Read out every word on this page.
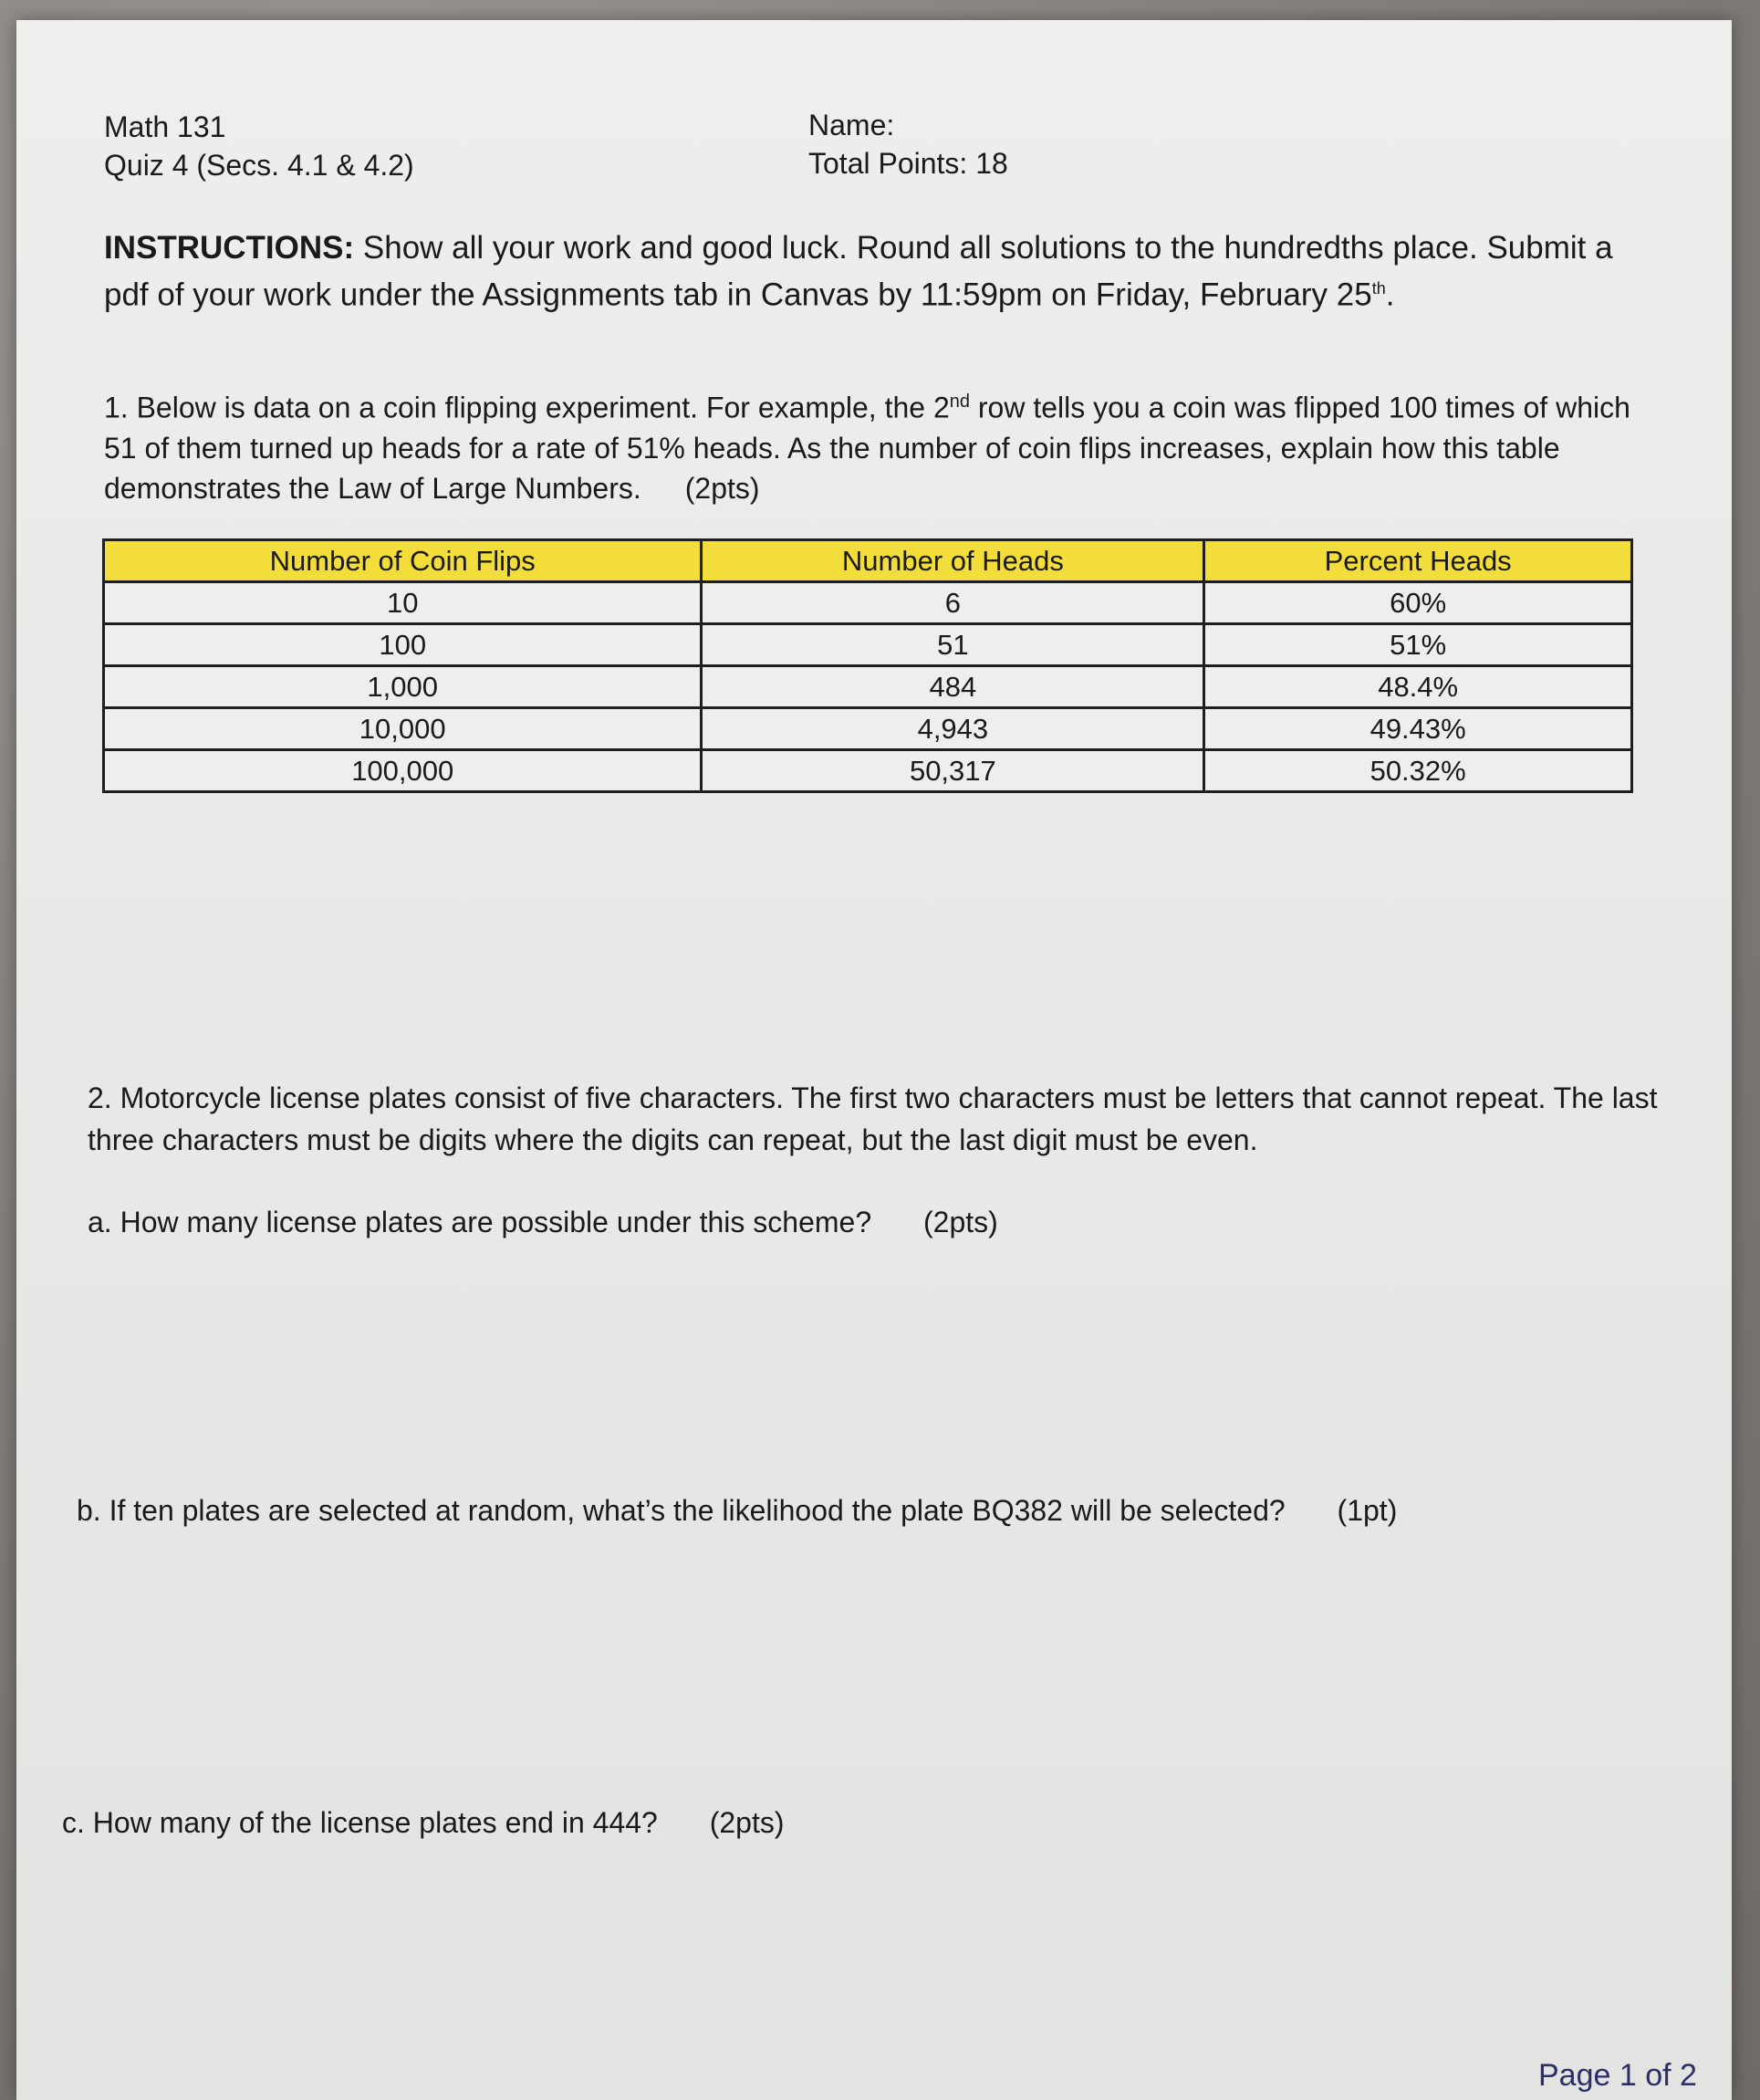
Math 131
Quiz 4 (Secs. 4.1 & 4.2)
Name:
Total Points: 18
INSTRUCTIONS: Show all your work and good luck. Round all solutions to the hundredths place. Submit a pdf of your work under the Assignments tab in Canvas by 11:59pm on Friday, February 25th.
1. Below is data on a coin flipping experiment. For example, the 2nd row tells you a coin was flipped 100 times of which 51 of them turned up heads for a rate of 51% heads. As the number of coin flips increases, explain how this table demonstrates the Law of Large Numbers. (2pts)
Number of Coin Flips	Number of Heads	Percent Heads
10	6	60%
100	51	51%
1,000	484	48.4%
10,000	4,943	49.43%
100,000	50,317	50.32%
2. Motorcycle license plates consist of five characters. The first two characters must be letters that cannot repeat. The last three characters must be digits where the digits can repeat, but the last digit must be even.
a. How many license plates are possible under this scheme? (2pts)
b. If ten plates are selected at random, what’s the likelihood the plate BQ382 will be selected? (1pt)
c. How many of the license plates end in 444? (2pts)
Page 1 of 2
